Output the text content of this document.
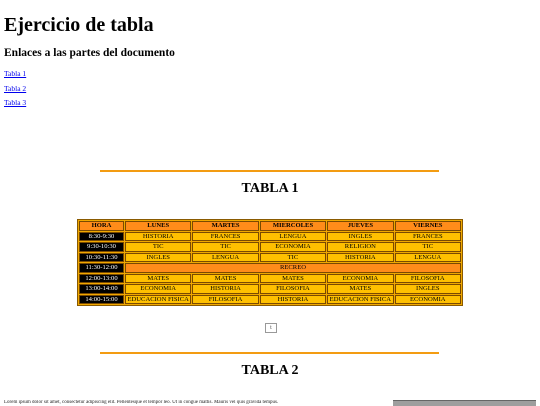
Ejercicio de tabla
Enlaces a las partes del documento
Tabla 1
Tabla 2
Tabla 3
TABLA 1
HORA	LUNES	MARTES	MIERCOLES	JUEVES	VIERNES
8:30-9:30	HISTORIA	FRANCES	LENGUA	INGLES	FRANCES
9:30-10:30	TIC	TIC	ECONOMIA	RELIGION	TIC
10:30-11:30	INGLES	LENGUA	TIC	HISTORIA	LENGUA
11:30-12:00	RECREO				
12:00-13:00	MATES	MATES	MATES	ECONOMIA	FILOSOFIA
13:00-14:00	ECONOMIA	HISTORIA	FILOSOFIA	MATES	INGLES
14:00-15:00	EDUCACION FISICA	FILOSOFIA	HISTORIA	EDUCACION FISICA	ECONOMIA
t
TABLA 2
Lorem ipsum dolor sit amet, consectetur adipiscing elit. Pellentesque et tempor leo. Ut in congue mattis. Mauris vel quis gravida tempus.
